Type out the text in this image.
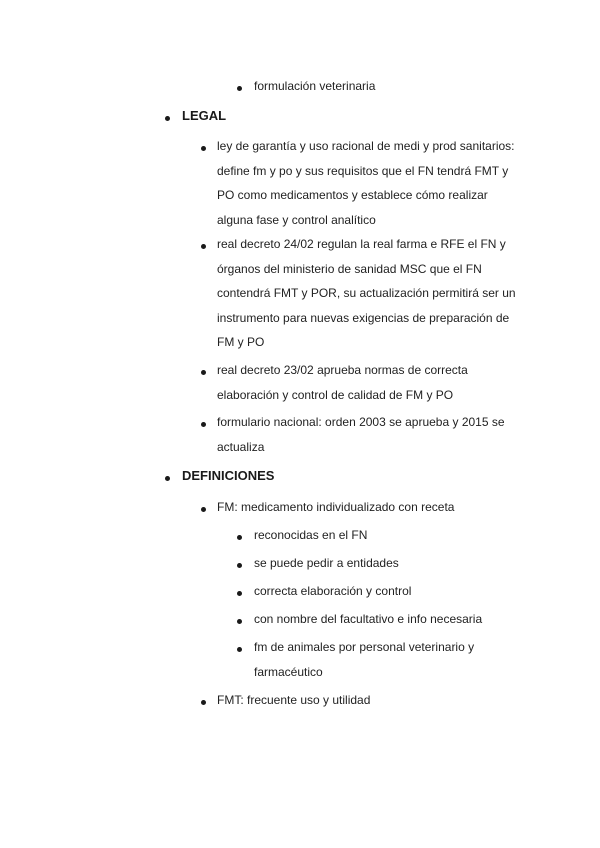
formulación veterinaria
LEGAL
ley de garantía y uso racional de medi y prod sanitarios: define fm y po y sus requisitos que el FN tendrá FMT y PO como medicamentos y establece cómo realizar alguna fase y control analítico
real decreto 24/02 regulan la real farma e RFE el FN y órganos del ministerio de sanidad MSC que el FN contendrá FMT y POR, su actualización permitirá ser un instrumento para nuevas exigencias de preparación de FM y PO
real decreto 23/02 aprueba normas de correcta elaboración y control de calidad de FM y PO
formulario nacional: orden 2003 se aprueba y 2015 se actualiza
DEFINICIONES
FM: medicamento individualizado con receta
reconocidas en el FN
se puede pedir a entidades
correcta elaboración y control
con nombre del facultativo e info necesaria
fm de animales por personal veterinario y farmacéutico
FMT: frecuente uso y utilidad
